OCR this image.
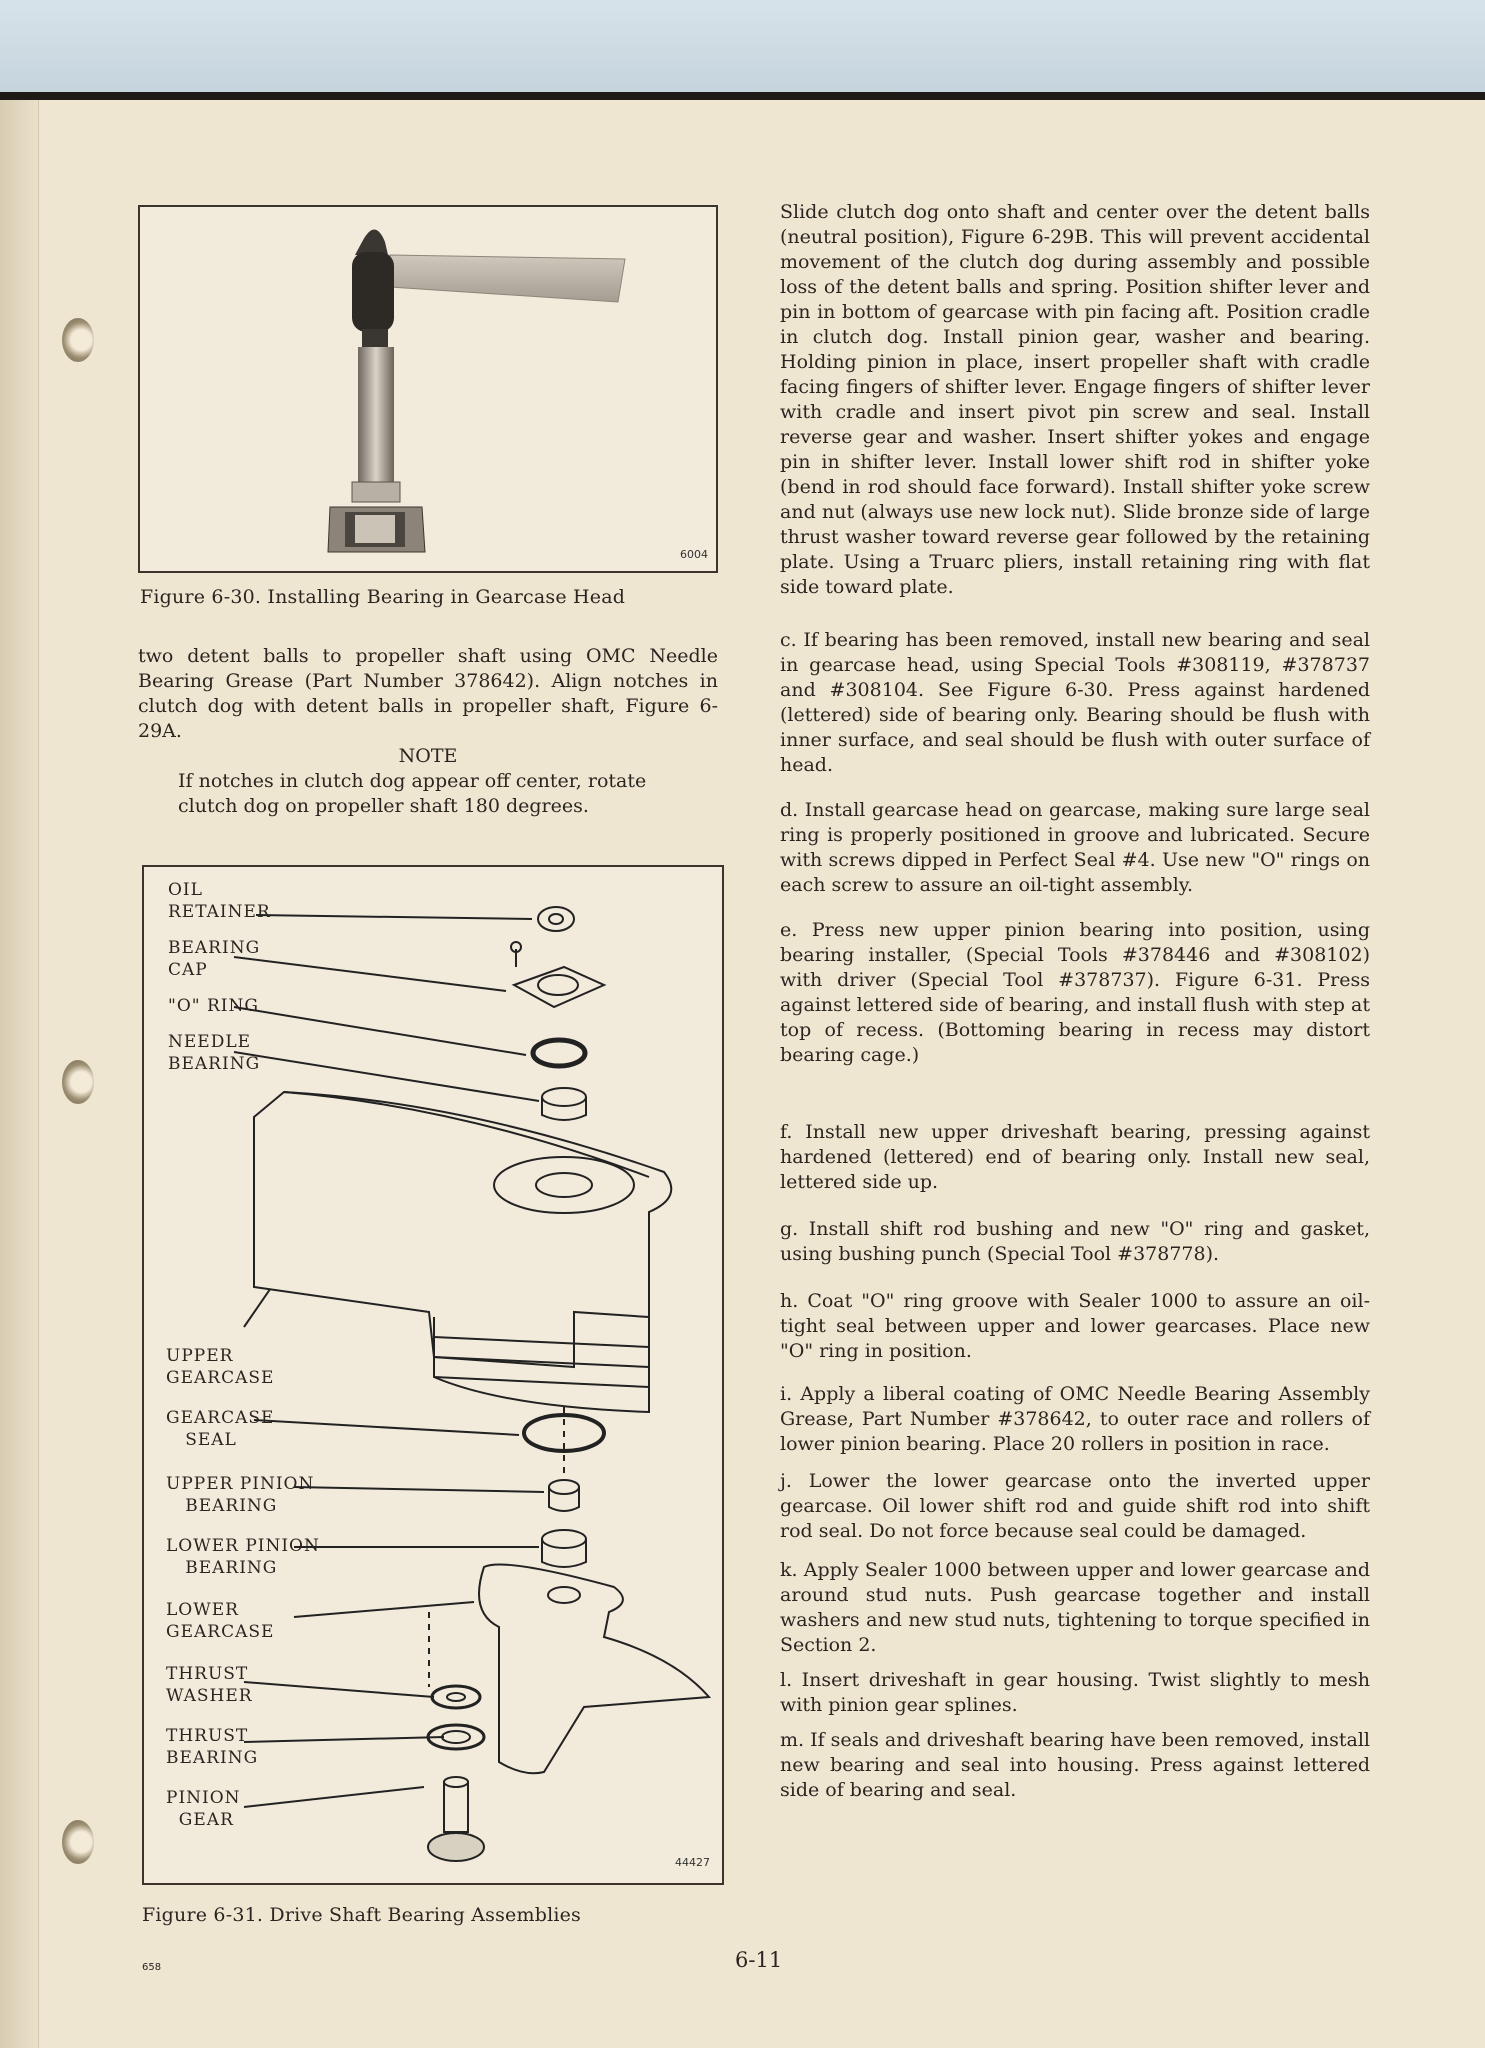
6004
Figure 6-30. Installing Bearing in Gearcase Head

two detent balls to propeller shaft using OMC Needle Bearing Grease (Part Number 378642). Align notches in clutch dog with detent balls in propeller shaft, Figure 6-29A.

NOTE

If notches in clutch dog appear off center, rotate clutch dog on propeller shaft 180 degrees.

OIL
RETAINER
BEARING
CAP
"O" RING
NEEDLE
BEARING
UPPER
GEARCASE
GEARCASE
SEAL
UPPER PINION
BEARING
LOWER PINION
BEARING
LOWER
GEARCASE
THRUST
WASHER
THRUST
BEARING
PINION
GEAR
44427
Figure 6-31. Drive Shaft Bearing Assemblies

Slide clutch dog onto shaft and center over the detent balls (neutral position), Figure 6-29B. This will prevent accidental movement of the clutch dog during assembly and possible loss of the detent balls and spring. Position shifter lever and pin in bottom of gearcase with pin facing aft. Position cradle in clutch dog. Install pinion gear, washer and bearing. Holding pinion in place, insert propeller shaft with cradle facing fingers of shifter lever. Engage fingers of shifter lever with cradle and insert pivot pin screw and seal. Install reverse gear and washer. Insert shifter yokes and engage pin in shifter lever. Install lower shift rod in shifter yoke (bend in rod should face forward). Install shifter yoke screw and nut (always use new lock nut). Slide bronze side of large thrust washer toward reverse gear followed by the retaining plate. Using a Truarc pliers, install retaining ring with flat side toward plate.

c. If bearing has been removed, install new bearing and seal in gearcase head, using Special Tools #308119, #378737 and #308104. See Figure 6-30. Press against hardened (lettered) side of bearing only. Bearing should be flush with inner surface, and seal should be flush with outer surface of head.

d. Install gearcase head on gearcase, making sure large seal ring is properly positioned in groove and lubricated. Secure with screws dipped in Perfect Seal #4. Use new "O" rings on each screw to assure an oil-tight assembly.

e. Press new upper pinion bearing into position, using bearing installer, (Special Tools #378446 and #308102) with driver (Special Tool #378737). Figure 6-31. Press against lettered side of bearing, and install flush with step at top of recess. (Bottoming bearing in recess may distort bearing cage.)

f. Install new upper driveshaft bearing, pressing against hardened (lettered) end of bearing only. Install new seal, lettered side up.

g. Install shift rod bushing and new "O" ring and gasket, using bushing punch (Special Tool #378778).

h. Coat "O" ring groove with Sealer 1000 to assure an oil-tight seal between upper and lower gearcases. Place new "O" ring in position.

i. Apply a liberal coating of OMC Needle Bearing Assembly Grease, Part Number #378642, to outer race and rollers of lower pinion bearing. Place 20 rollers in position in race.

j. Lower the lower gearcase onto the inverted upper gearcase. Oil lower shift rod and guide shift rod into shift rod seal. Do not force because seal could be damaged.

k. Apply Sealer 1000 between upper and lower gearcase and around stud nuts. Push gearcase together and install washers and new stud nuts, tightening to torque specified in Section 2.

l. Insert driveshaft in gear housing. Twist slightly to mesh with pinion gear splines.

m. If seals and driveshaft bearing have been removed, install new bearing and seal into housing. Press against lettered side of bearing and seal.

6-11
658
